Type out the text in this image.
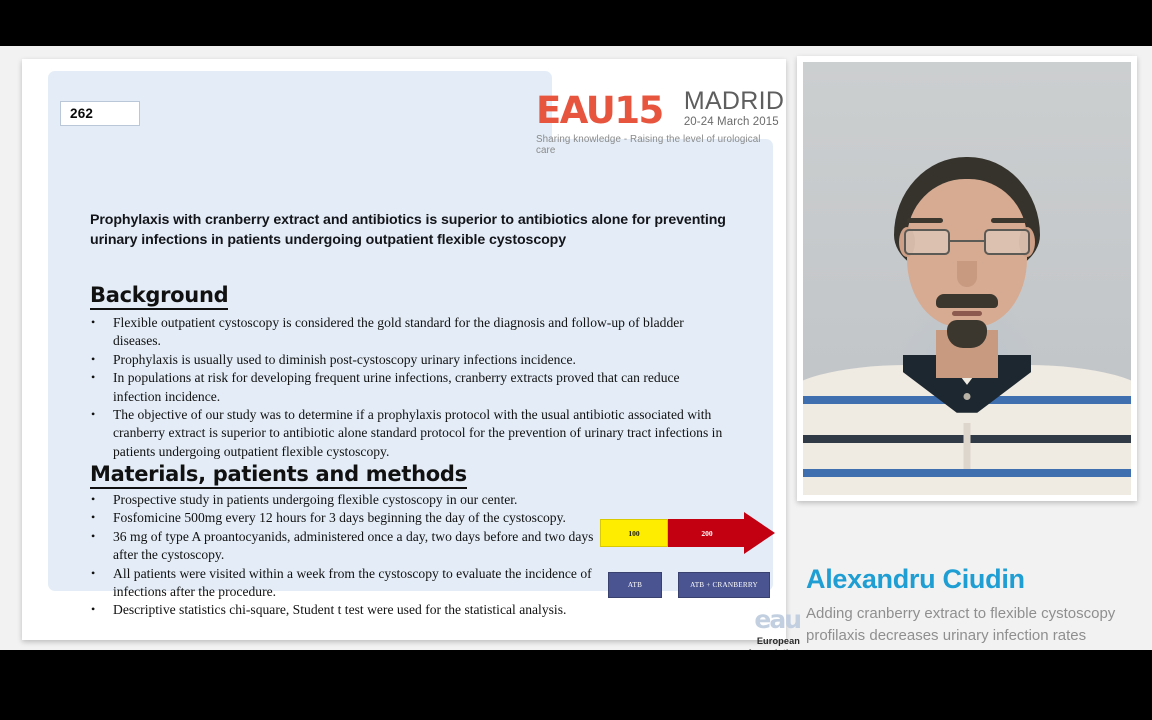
262	EAU15 MADRID
20-24 March 2015
Sharing knowledge - Raising the level of urological care
Prophylaxis with cranberry extract and antibiotics is superior to antibiotics alone for preventing urinary infections in patients undergoing outpatient flexible cystoscopy
Background
• Flexible outpatient cystoscopy is considered the gold standard for the diagnosis and follow-up of bladder diseases.
• Prophylaxis is usually used to diminish post-cystoscopy urinary infections incidence.
• In populations at risk for developing frequent urine infections, cranberry extracts proved that can reduce infection incidence.
• The objective of our study was to determine if a prophylaxis protocol with the usual antibiotic associated with cranberry extract is superior to antibiotic alone standard protocol for the prevention of urinary tract infections in patients undergoing outpatient flexible cystoscopy.
Materials, patients and methods
• Prospective study in patients undergoing flexible cystoscopy in our center.
• Fosfomicine 500mg every 12 hours for 3 days beginning the day of the cystoscopy.
• 36 mg of type A proantocyanids, administered once a day, two days before and two days after the cystoscopy.
• All patients were visited within a week from the cystoscopy to evaluate the incidence of infections after the procedure.
• Descriptive statistics chi-square, Student t test were used for the statistical analysis.
100	200
ATB	ATB + CRANBERRY
eau
European
Alexandru Ciudin
Adding cranberry extract to flexible cystoscopy profilaxis decreases urinary infection rates
